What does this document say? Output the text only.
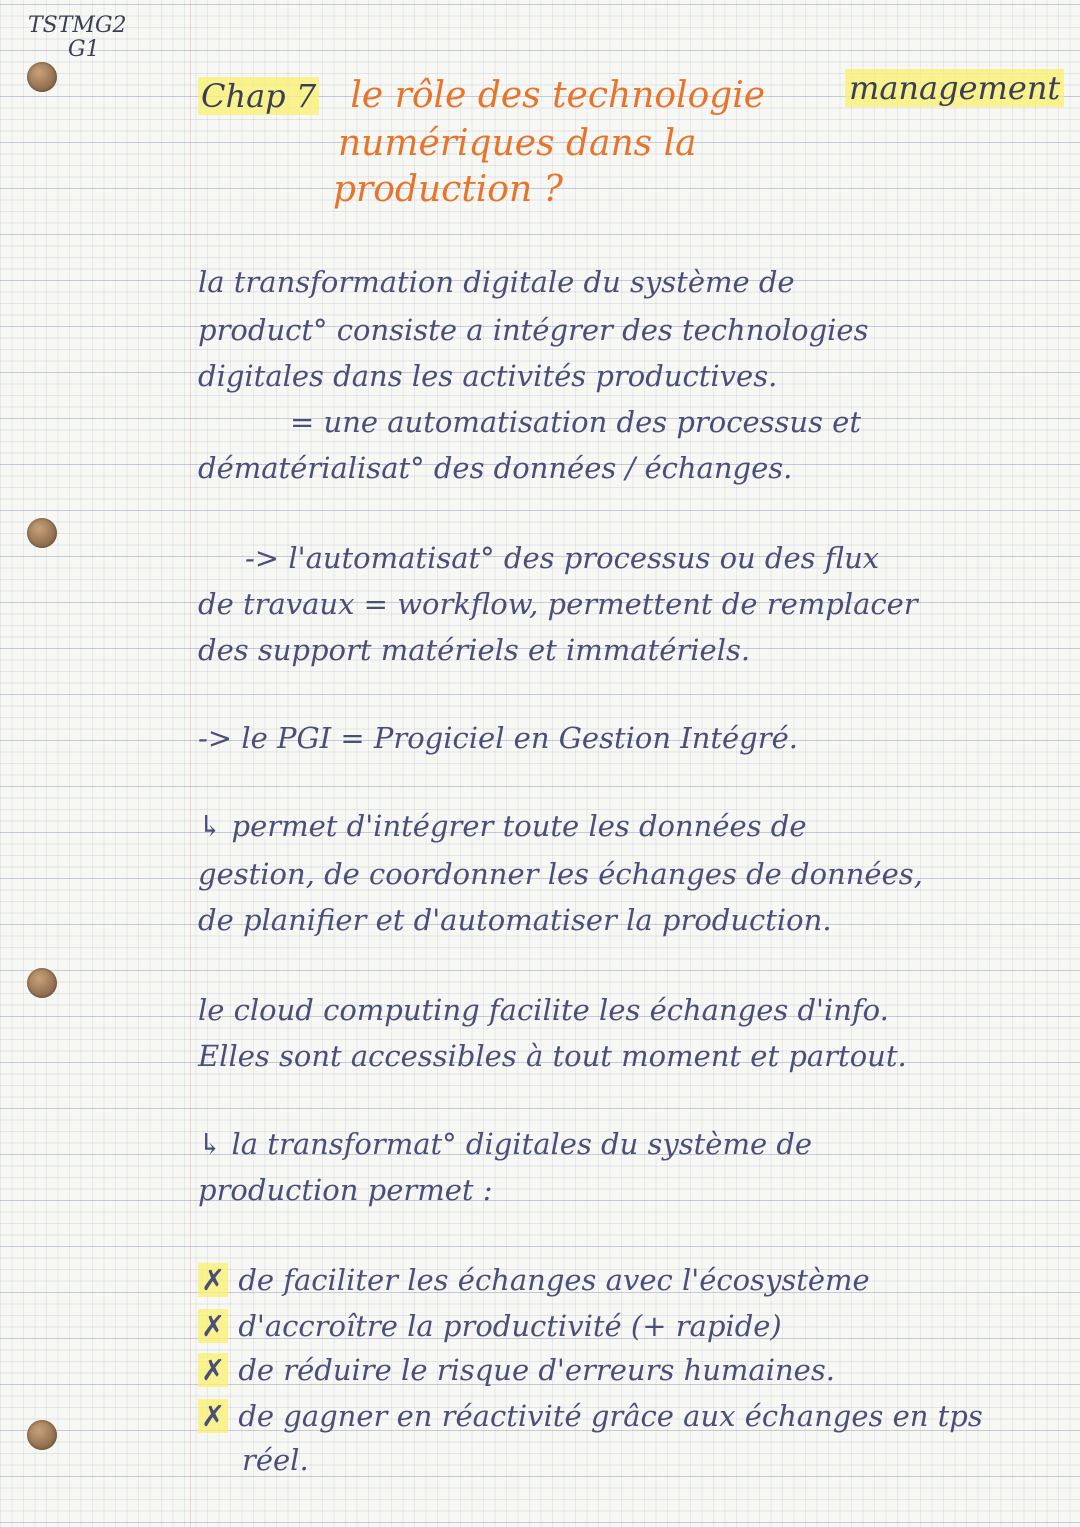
TSTMG2
G1
Chap 7 le rôle des technologie	management
numériques dans la
production ?
la transformation digitale du système de
product° consiste a intégrer des technologies
digitales dans les activités productives.
= une automatisation des processus et
dématérialisat° des données / échanges.
-> l'automatisat° des processus ou des flux
de travaux = workflow, permettent de remplacer
des support matériels et immatériels.
-> le PGI = Progiciel en Gestion Intégré.
↳ permet d'intégrer toute les données de
gestion, de coordonner les échanges de données,
de planifier et d'automatiser la production.
le cloud computing facilite les échanges d'info.
Elles sont accessibles à tout moment et partout.
↳ la transformat° digitales du système de
production permet :
✗ de faciliter les échanges avec l'écosystème
✗ d'accroître la productivité (+ rapide)
✗ de réduire le risque d'erreurs humaines.
✗ de gagner en réactivité grâce aux échanges en tps
réel.
